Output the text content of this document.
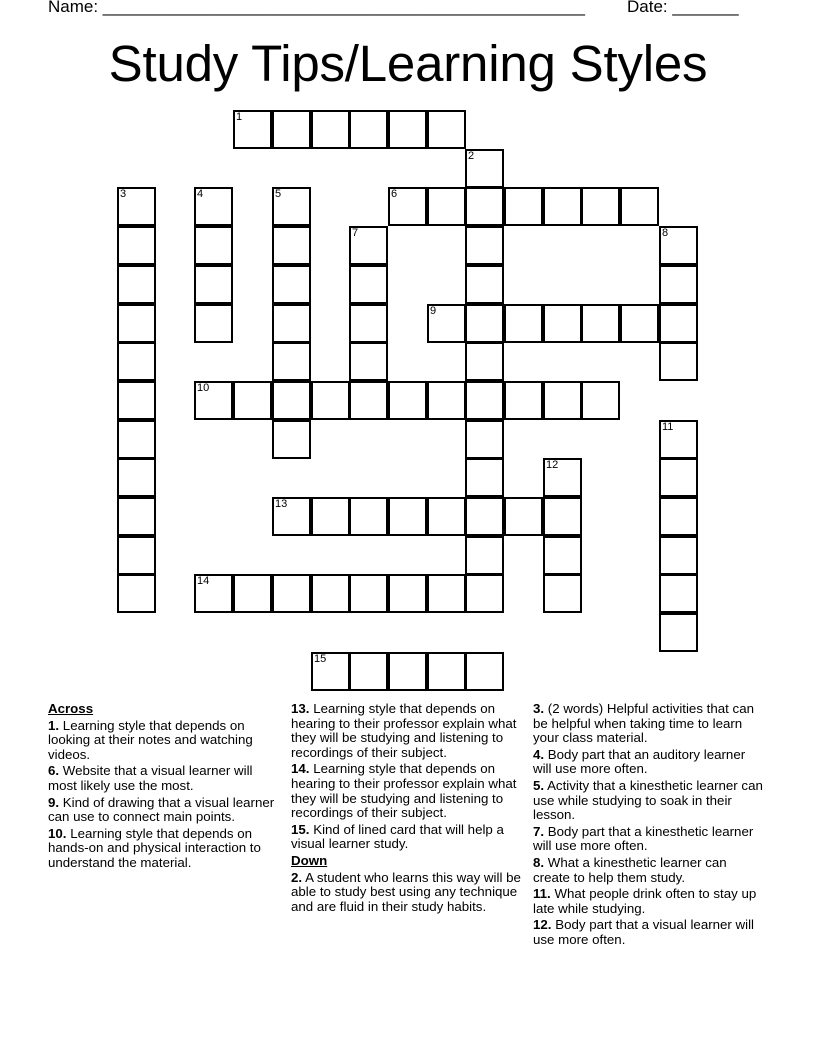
Name: ___________________________________________________ Date: _______
Study Tips/Learning Styles
1
2
3	4	5	6
7	8
9
10
11
12
13
14
15
Across
1. Learning style that depends on looking at their notes and watching videos.
6. Website that a visual learner will most likely use the most.
9. Kind of drawing that a visual learner can use to connect main points.
10. Learning style that depends on hands-on and physical interaction to understand the material.
13. Learning style that depends on hearing to their professor explain what they will be studying and listening to recordings of their subject.
14. Learning style that depends on hearing to their professor explain what they will be studying and listening to recordings of their subject.
15. Kind of lined card that will help a visual learner study.
Down
2. A student who learns this way will be able to study best using any technique and are fluid in their study habits.
3. (2 words) Helpful activities that can be helpful when taking time to learn your class material.
4. Body part that an auditory learner will use more often.
5. Activity that a kinesthetic learner can use while studying to soak in their lesson.
7. Body part that a kinesthetic learner will use more often.
8. What a kinesthetic learner can create to help them study.
11. What people drink often to stay up late while studying.
12. Body part that a visual learner will use more often.
